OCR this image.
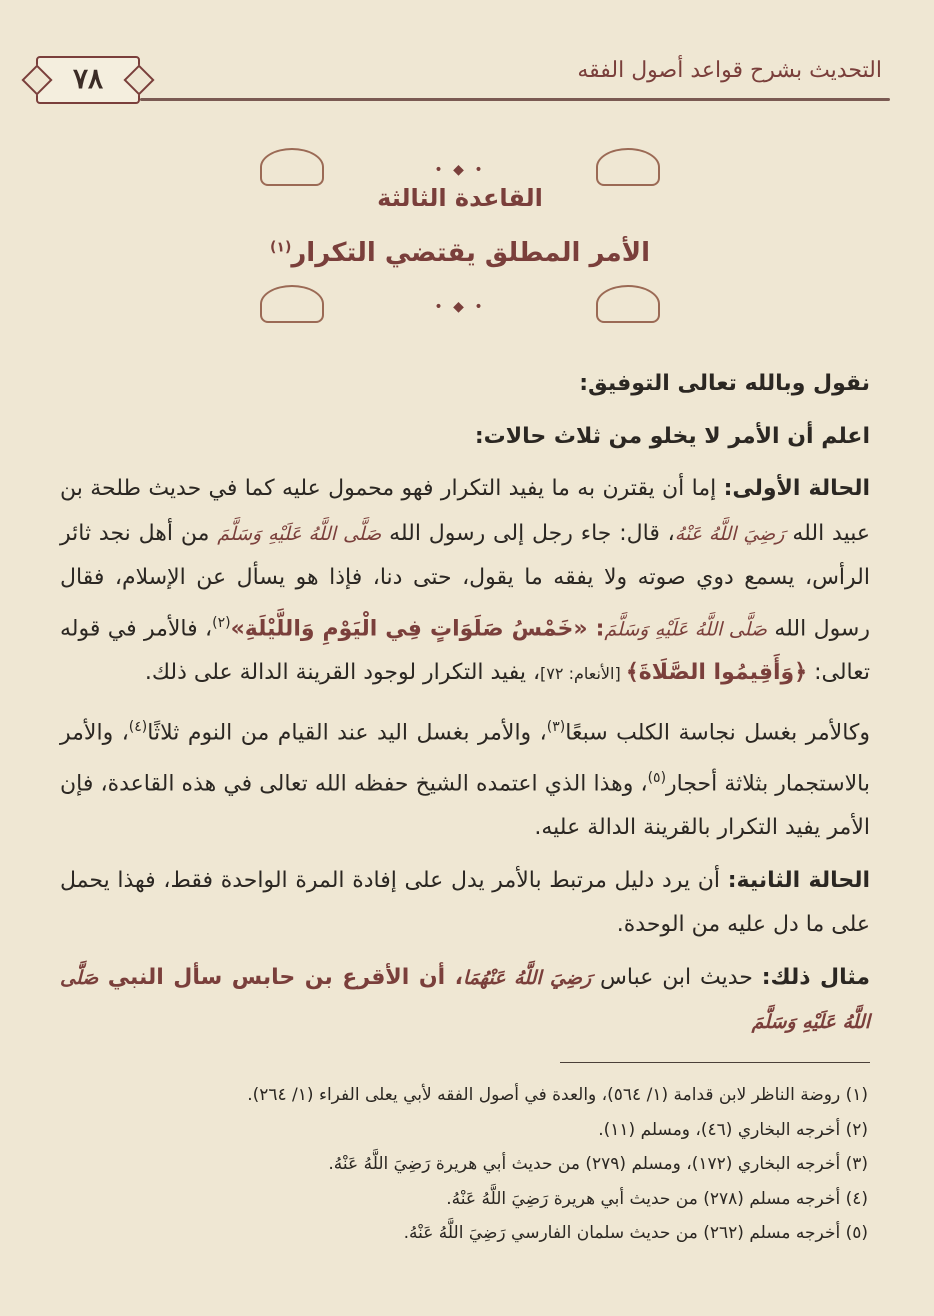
٧٨	التحديث بشرح قواعد أصول الفقه
• ◆ •
القاعدة الثالثة
الأمر المطلق يقتضي التكرار$^{(١)}$
• ◆ •

نقول وبالله تعالى التوفيق:

اعلم أن الأمر لا يخلو من ثلاث حالات:

الحالة الأولى: إما أن يقترن به ما يفيد التكرار فهو محمول عليه كما في حديث طلحة بن عبيد الله رَضِيَ اللَّهُ عَنْهُ، قال: جاء رجل إلى رسول الله صَلَّى اللَّهُ عَلَيْهِ وَسَلَّمَ من أهل نجد ثائر الرأس، يسمع دوي صوته ولا يفقه ما يقول، حتى دنا، فإذا هو يسأل عن الإسلام، فقال رسول الله صَلَّى اللَّهُ عَلَيْهِ وَسَلَّمَ: «خَمْسُ صَلَوَاتٍ فِي الْيَوْمِ وَاللَّيْلَةِ»$^{(٢)}$، فالأمر في قوله تعالى: ﴿وَأَقِيمُوا الصَّلَاةَ﴾ [الأنعام: ٧٢]، يفيد التكرار لوجود القرينة الدالة على ذلك.

وكالأمر بغسل نجاسة الكلب سبعًا$^{(٣)}$، والأمر بغسل اليد عند القيام من النوم ثلاثًا$^{(٤)}$، والأمر بالاستجمار بثلاثة أحجار$^{(٥)}$، وهذا الذي اعتمده الشيخ حفظه الله تعالى في هذه القاعدة، فإن الأمر يفيد التكرار بالقرينة الدالة عليه.

الحالة الثانية: أن يرد دليل مرتبط بالأمر يدل على إفادة المرة الواحدة فقط، فهذا يحمل على ما دل عليه من الوحدة.

مثال ذلك: حديث ابن عباس رَضِيَ اللَّهُ عَنْهُمَا، أن الأقرع بن حابس سأل النبي صَلَّى اللَّهُ عَلَيْهِ وَسَلَّمَ

(١) روضة الناظر لابن قدامة (١/ ٥٦٤)، والعدة في أصول الفقه لأبي يعلى الفراء (١/ ٢٦٤).
(٢) أخرجه البخاري (٤٦)، ومسلم (١١).
(٣) أخرجه البخاري (١٧٢)، ومسلم (٢٧٩) من حديث أبي هريرة رَضِيَ اللَّهُ عَنْهُ.
(٤) أخرجه مسلم (٢٧٨) من حديث أبي هريرة رَضِيَ اللَّهُ عَنْهُ.
(٥) أخرجه مسلم (٢٦٢) من حديث سلمان الفارسي رَضِيَ اللَّهُ عَنْهُ.
